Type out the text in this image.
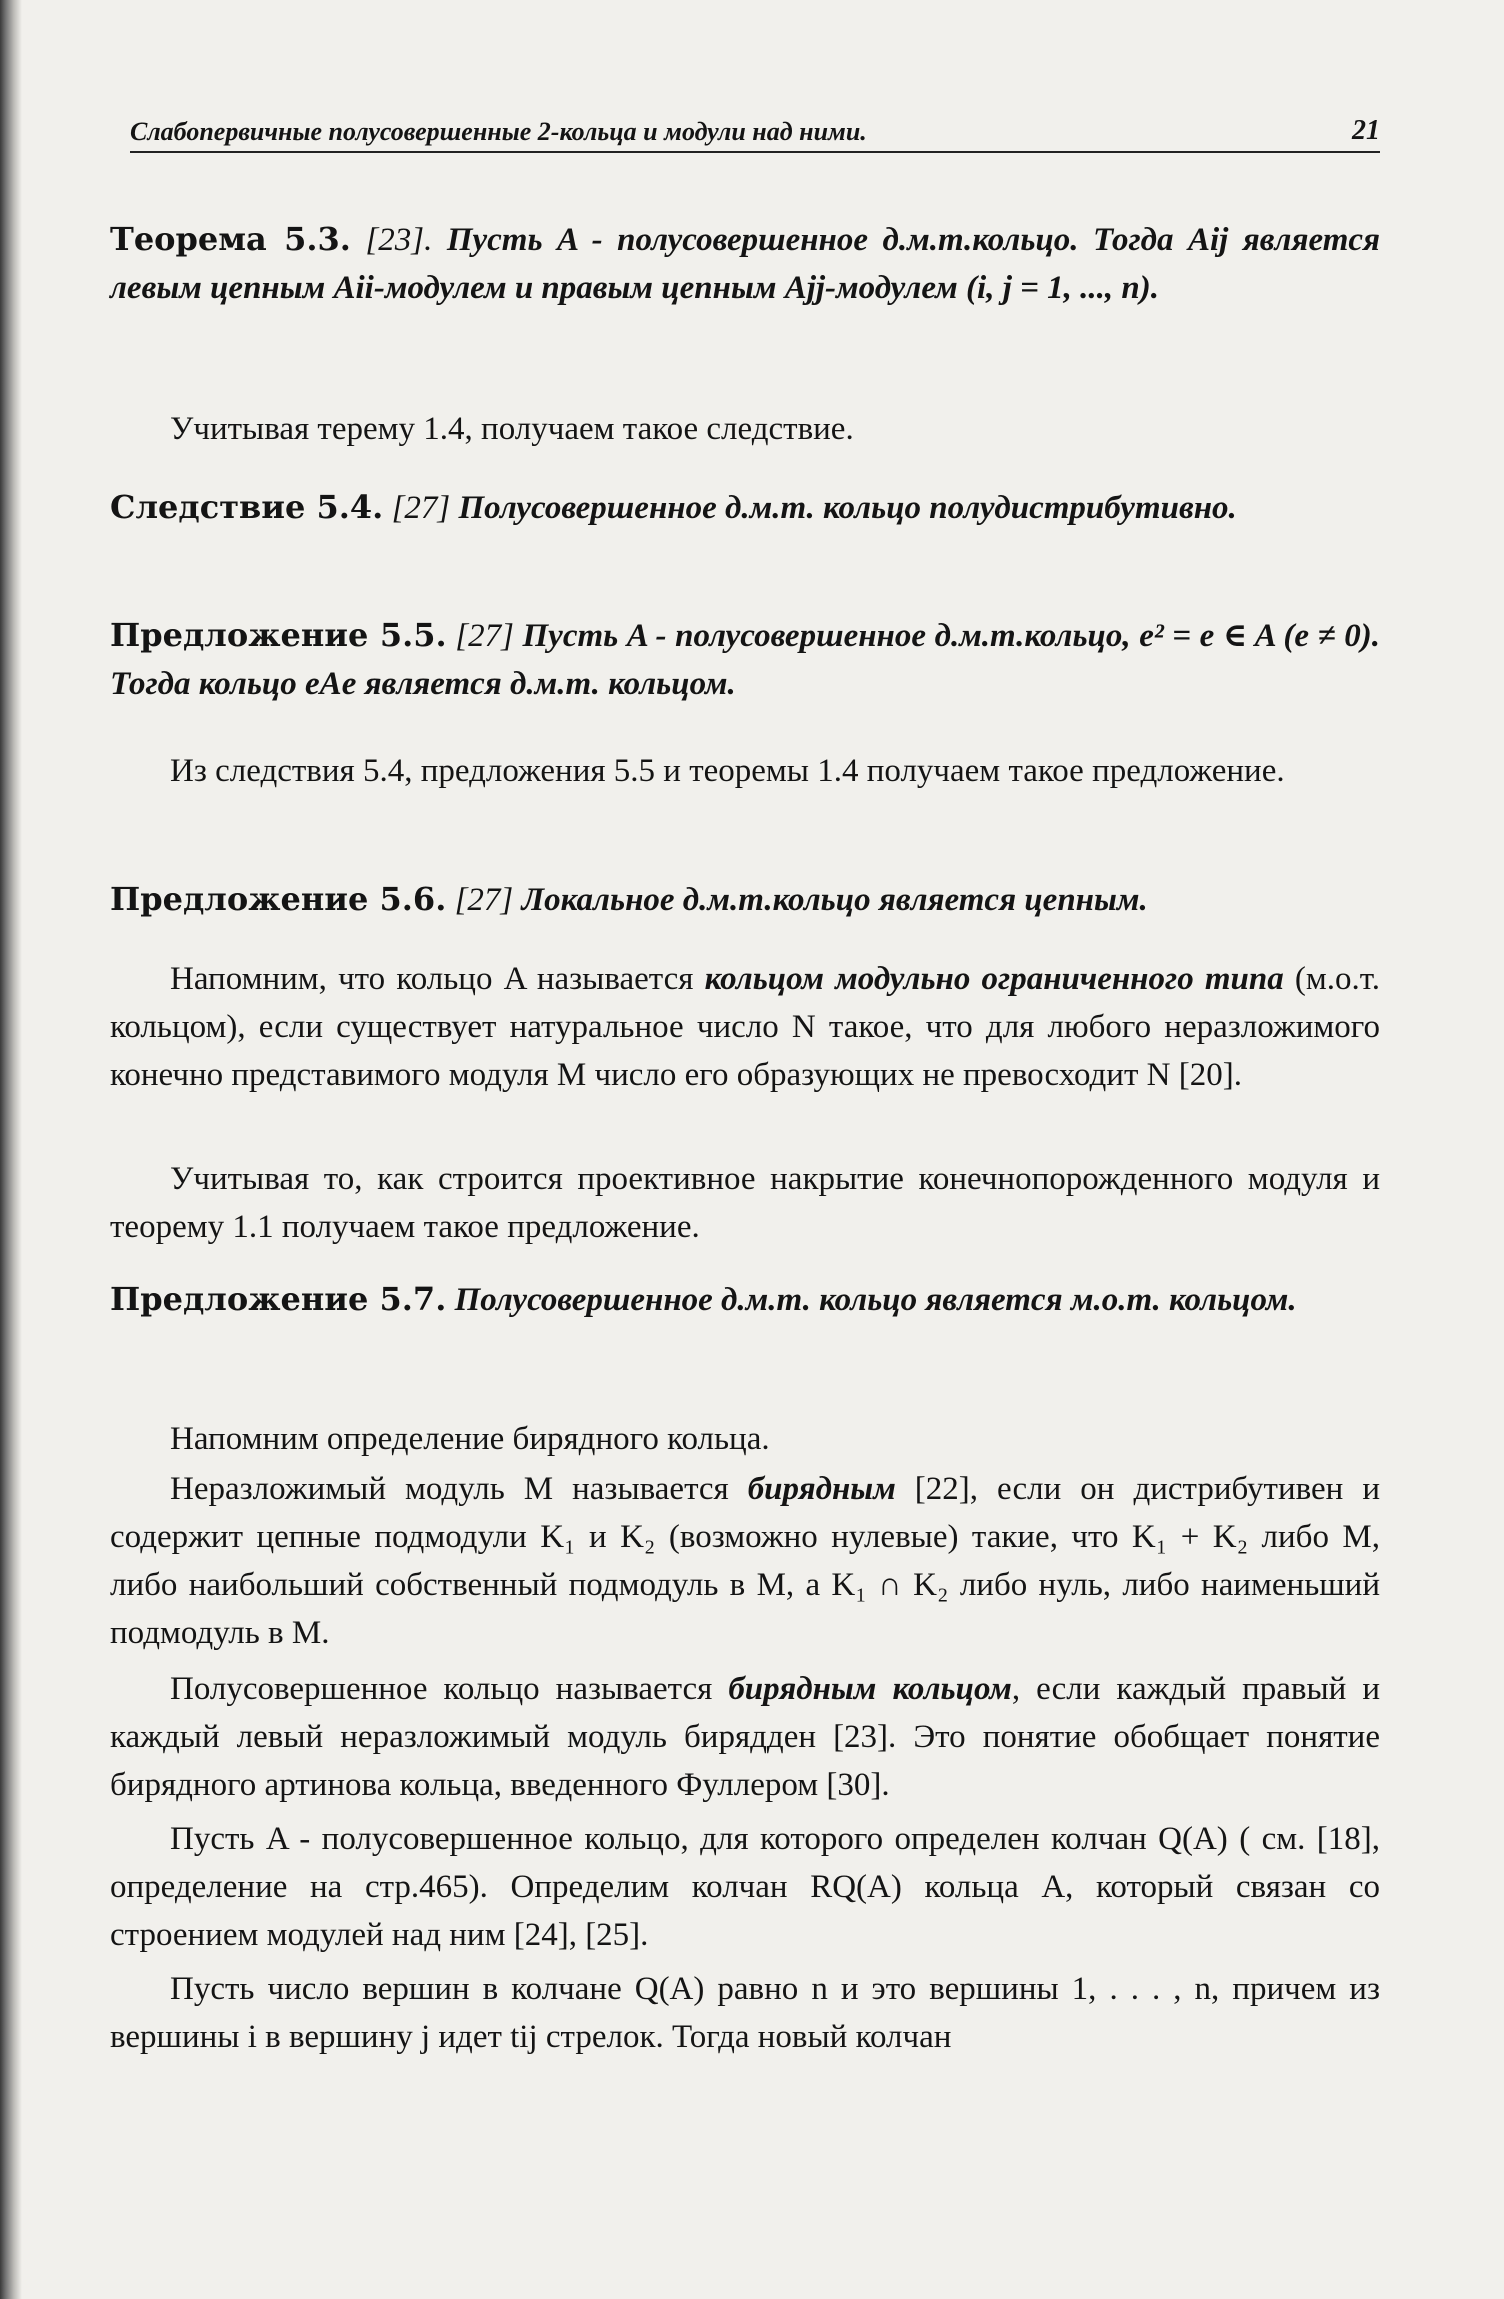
Слабопервичные полусовершенные 2-кольца и модули над ними.	21

Теорема 5.3. [23]. Пусть A - полусовершенное д.м.т.кольцо. Тогда Aij является левым цепным Aii-модулем и правым цепным Ajj-модулем (i, j = 1, ..., n).

Учитывая терему 1.4, получаем такое следствие.

Следствие 5.4. [27] Полусовершенное д.м.т. кольцо полудистрибутивно.

Предложение 5.5. [27] Пусть A - полусовершенное д.м.т.кольцо, e² = e ∈ A (e ≠ 0). Тогда кольцо eAe является д.м.т. кольцом.

Из следствия 5.4, предложения 5.5 и теоремы 1.4 получаем такое предложение.

Предложение 5.6. [27] Локальное д.м.т.кольцо является цепным.

Напомним, что кольцо A называется кольцом модульно ограниченного типа (м.о.т. кольцом), если существует натуральное число N такое, что для любого неразложимого конечно представимого модуля M число его образующих не превосходит N [20].

Учитывая то, как строится проективное накрытие конечнопорожденного модуля и теорему 1.1 получаем такое предложение.

Предложение 5.7. Полусовершенное д.м.т. кольцо является м.о.т. кольцом.

Напомним определение бирядного кольца.

Неразложимый модуль M называется бирядным [22], если он дистрибутивен и содержит цепные подмодули K₁ и K₂ (возможно нулевые) такие, что K₁ + K₂ либо M, либо наибольший собственный подмодуль в M, а K₁ ∩ K₂ либо нуль, либо наименьший подмодуль в M.

Полусовершенное кольцо называется бирядным кольцом, если каждый правый и каждый левый неразложимый модуль бирядден [23]. Это понятие обобщает понятие бирядного артинова кольца, введенного Фуллером [30].

Пусть A - полусовершенное кольцо, для которого определен колчан Q(A) ( см. [18], определение на стр.465). Определим колчан RQ(A) кольца A, который связан со строением модулей над ним [24], [25].

Пусть число вершин в колчане Q(A) равно n и это вершины 1, . . . , n, причем из вершины i в вершину j идет tij стрелок. Тогда новый колчан
